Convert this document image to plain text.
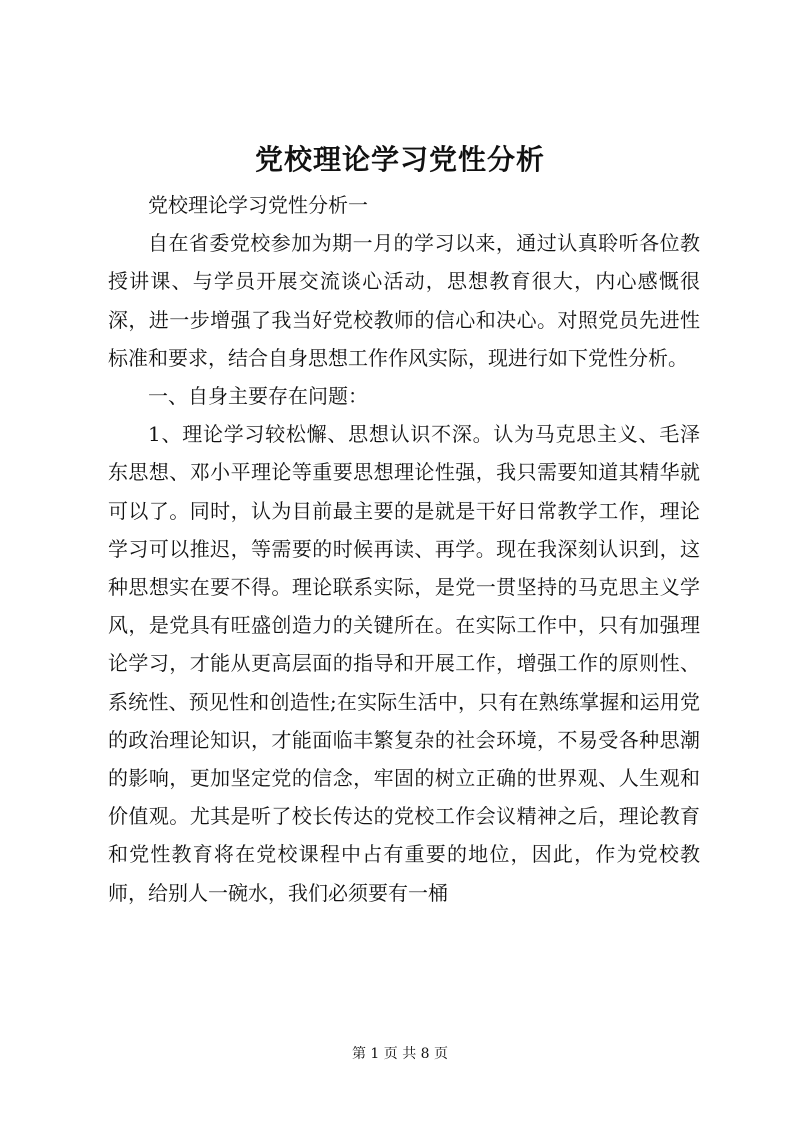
党校理论学习党性分析

党校理论学习党性分析一

自在省委党校参加为期一月的学习以来，通过认真聆听各位教授讲课、与学员开展交流谈心活动，思想教育很大，内心感慨很深，进一步增强了我当好党校教师的信心和决心。对照党员先进性标准和要求，结合自身思想工作作风实际，现进行如下党性分析。

一、自身主要存在问题：

1、理论学习较松懈、思想认识不深。认为马克思主义、毛泽东思想、邓小平理论等重要思想理论性强，我只需要知道其精华就可以了。同时，认为目前最主要的是就是干好日常教学工作，理论学习可以推迟，等需要的时候再读、再学。现在我深刻认识到，这种思想实在要不得。理论联系实际，是党一贯坚持的马克思主义学风，是党具有旺盛创造力的关键所在。在实际工作中，只有加强理论学习，才能从更高层面的指导和开展工作，增强工作的原则性、系统性、预见性和创造性;在实际生活中，只有在熟练掌握和运用党的政治理论知识，才能面临丰繁复杂的社会环境，不易受各种思潮的影响，更加坚定党的信念，牢固的树立正确的世界观、人生观和价值观。尤其是听了校长传达的党校工作会议精神之后，理论教育和党性教育将在党校课程中占有重要的地位，因此，作为党校教师，给别人一碗水，我们必须要有一桶

第 1 页 共 8 页
